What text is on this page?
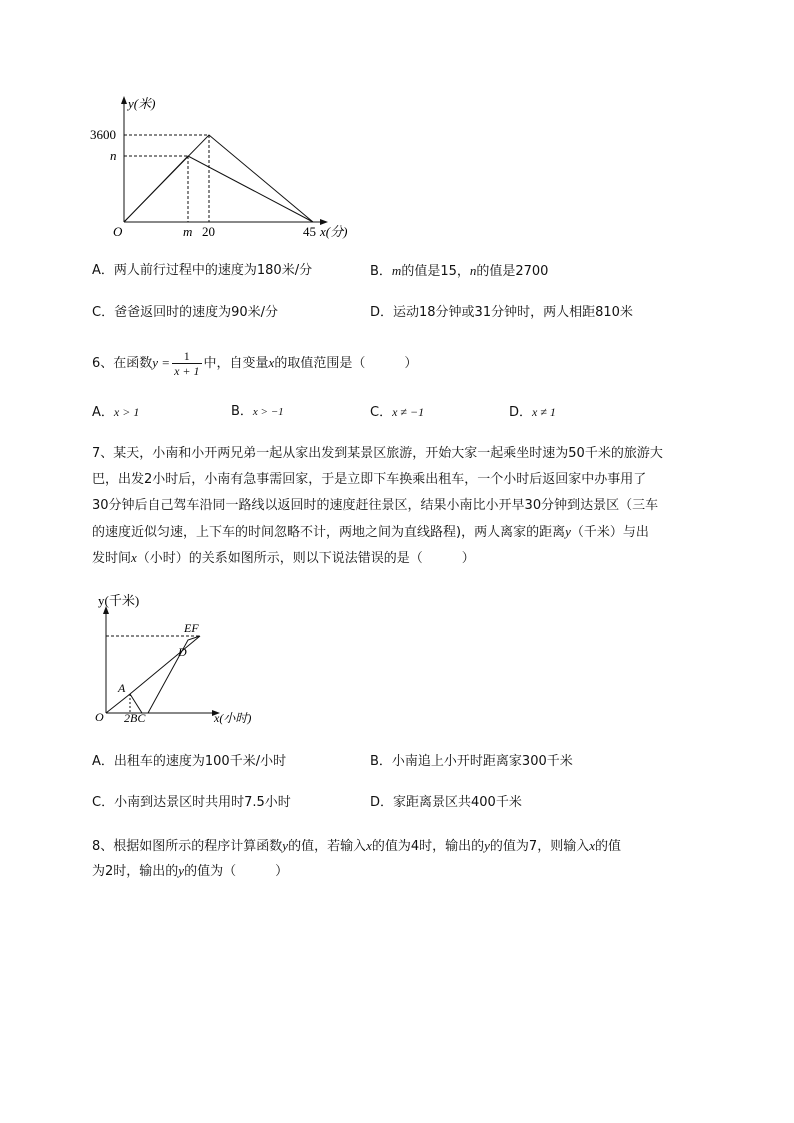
y(米)
3600
n
O	m 20	45 x(分)
A．两人前行过程中的速度为180米/分	B．m的值是15，n的值是2700
C．爸爸返回时的速度为90米/分	D．运动18分钟或31分钟时，两人相距810米
6、在函数$y = \frac{1}{x + 1}$ 中，自变量x的取值范围是（　　　）
A．x > 1	B．x > −1	C．x ≠ −1	D．x ≠ 1
7、某天，小南和小开两兄弟一起从家出发到某景区旅游，开始大家一起乘坐时速为50千米的旅游大
巴，出发2小时后，小南有急事需回家，于是立即下车换乘出租车，一个小时后返回家中办事用了
30分钟后自己驾车沿同一路线以返回时的速度赶往景区，结果小南比小开早30分钟到达景区（三车
的速度近似匀速，上下车的时间忽略不计，两地之间为直线路程)，两人离家的距离y（千米）与出
发时间x（小时）的关系如图所示，则以下说法错误的是（　　　）
y(千米)
EF
D
A
O 2BC	x(小时)
A．出租车的速度为100千米/小时	B．小南追上小开时距离家300千米
C．小南到达景区时共用时7.5小时	D．家距离景区共400千米
8、根据如图所示的程序计算函数y的值，若输入x的值为4时，输出的y的值为7，则输入x的值
为2时，输出的y的值为（　　　）
